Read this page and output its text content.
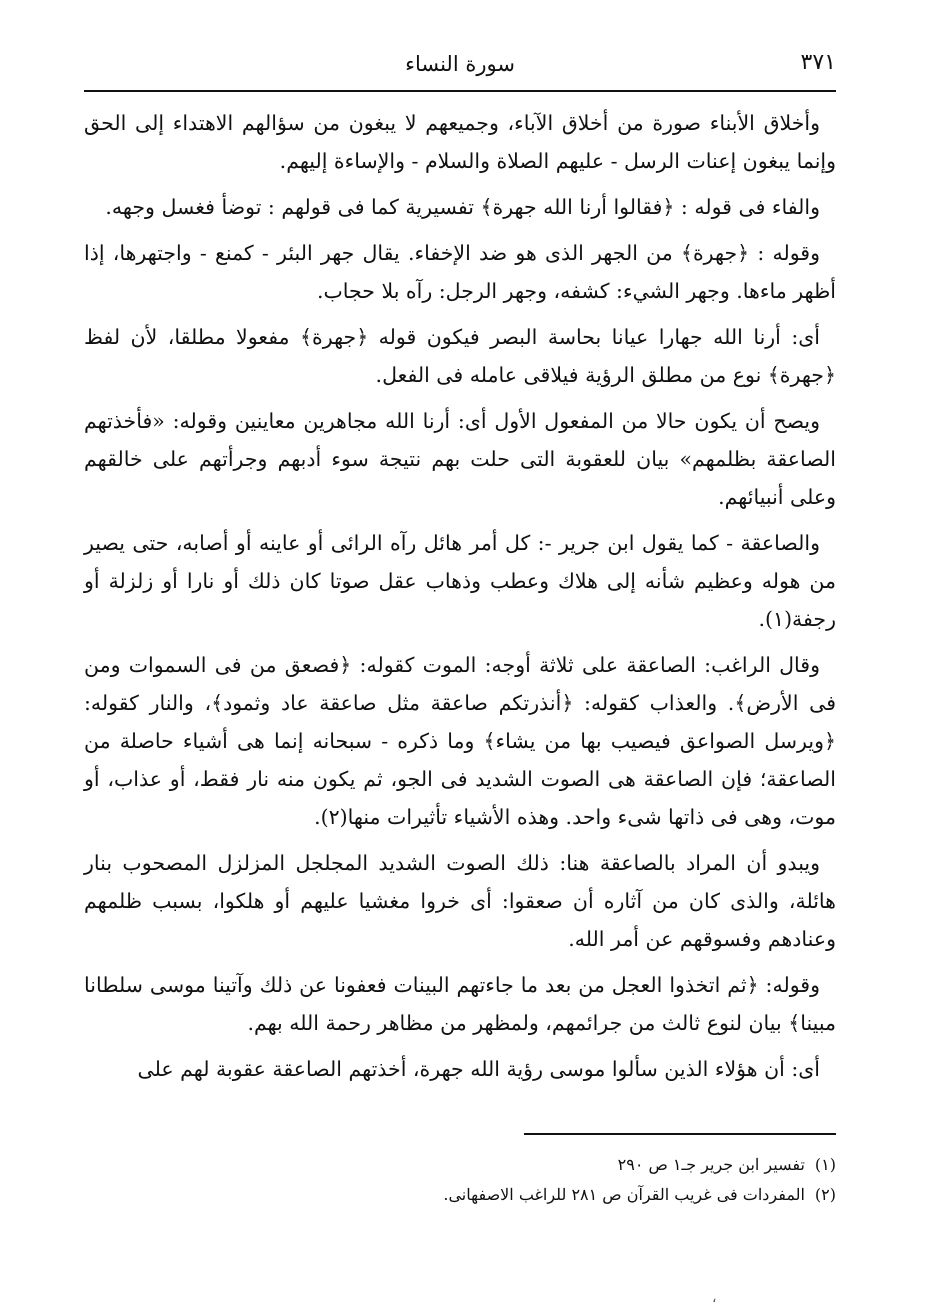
سورة النساء	٣٧١

وأخلاق الأبناء صورة من أخلاق الآباء، وجميعهم لا يبغون من سؤالهم الاهتداء إلى الحق وإنما يبغون إعنات الرسل - عليهم الصلاة والسلام - والإساءة إليهم.

والفاء فى قوله : ﴿فقالوا أرنا الله جهرة﴾ تفسيرية كما فى قولهم : توضأ فغسل وجهه.

وقوله : ﴿جهرة﴾ من الجهر الذى هو ضد الإخفاء. يقال جهر البئر - كمنع - واجتهرها، إذا أظهر ماءها. وجهر الشيء: كشفه، وجهر الرجل: رآه بلا حجاب.

أى: أرنا الله جهارا عيانا بحاسة البصر فيكون قوله ﴿جهرة﴾ مفعولا مطلقا، لأن لفظ ﴿جهرة﴾ نوع من مطلق الرؤية فيلاقى عامله فى الفعل.

ويصح أن يكون حالا من المفعول الأول أى: أرنا الله مجاهرين معاينين وقوله: «فأخذتهم الصاعقة بظلمهم» بيان للعقوبة التى حلت بهم نتيجة سوء أدبهم وجرأتهم على خالقهم وعلى أنبيائهم.

والصاعقة - كما يقول ابن جرير -: كل أمر هائل رآه الرائى أو عاينه أو أصابه، حتى يصير من هوله وعظيم شأنه إلى هلاك وعطب وذهاب عقل صوتا كان ذلك أو نارا أو زلزلة أو رجفة(١).

وقال الراغب: الصاعقة على ثلاثة أوجه: الموت كقوله: ﴿فصعق من فى السموات ومن فى الأرض﴾. والعذاب كقوله: ﴿أنذرتكم صاعقة مثل صاعقة عاد وثمود﴾، والنار كقوله: ﴿ويرسل الصواعق فيصيب بها من يشاء﴾ وما ذكره - سبحانه إنما هى أشياء حاصلة من الصاعقة؛ فإن الصاعقة هى الصوت الشديد فى الجو، ثم يكون منه نار فقط، أو عذاب، أو موت، وهى فى ذاتها شىء واحد. وهذه الأشياء تأثيرات منها(٢).

ويبدو أن المراد بالصاعقة هنا: ذلك الصوت الشديد المجلجل المزلزل المصحوب بنار هائلة، والذى كان من آثاره أن صعقوا: أى خروا مغشيا عليهم أو هلكوا، بسبب ظلمهم وعنادهم وفسوقهم عن أمر الله.

وقوله: ﴿ثم اتخذوا العجل من بعد ما جاءتهم البينات فعفونا عن ذلك وآتينا موسى سلطانا مبينا﴾ بيان لنوع ثالث من جرائمهم، ولمظهر من مظاهر رحمة الله بهم.

أى: أن هؤلاء الذين سألوا موسى رؤية الله جهرة، أخذتهم الصاعقة عقوبة لهم على

(١)
تفسير ابن جرير جـ١ ص ٢٩٠
(٢)
المفردات فى غريب القرآن ص ٢٨١ للراغب الاصفهانى.
،
